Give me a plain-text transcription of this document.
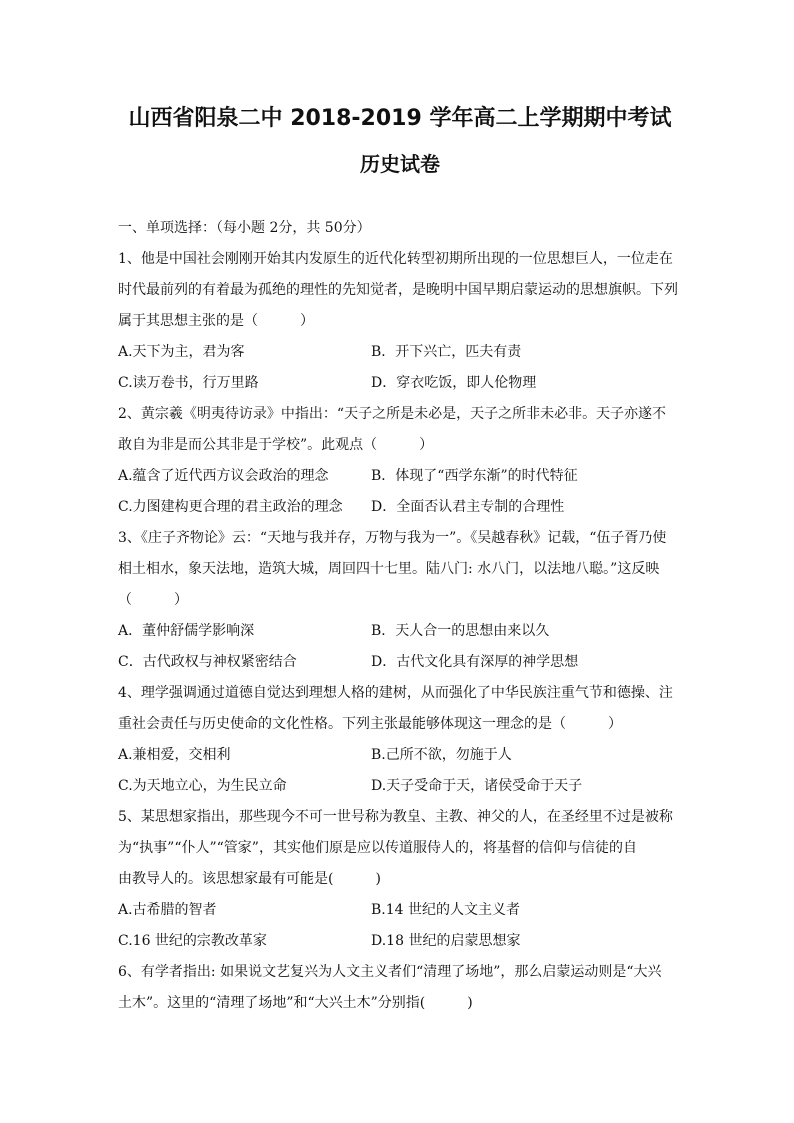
山西省阳泉二中 2018-2019 学年高二上学期期中考试
历史试卷
一、单项选择：（每小题 2分，共 50分）
1、他是中国社会刚刚开始其内发原生的近代化转型初期所出现的一位思想巨人，一位走在
时代最前列的有着最为孤绝的理性的先知觉者，是晚明中国早期启蒙运动的思想旗帜。下列
属于其思想主张的是（　　　）
A.天下为主，君为客	B．开下兴亡，匹夫有责
C.读万卷书，行万里路	D．穿衣吃饭，即人伦物理
2、黄宗羲《明夷待访录》中指出：“天子之所是未必是，天子之所非未必非。天子亦遂不
敢自为非是而公其非是于学校”。此观点（　　　）
A.蕴含了近代西方议会政治的理念	B．体现了“西学东渐”的时代特征
C.力图建构更合理的君主政治的理念	D．全面否认君主专制的合理性
3、《庄子齐物论》云：“天地与我并存，万物与我为一”。《吴越春秋》记载，“伍子胥乃使
相土相水，象天法地，造筑大城，周回四十七里。陆八门: 水八门，以法地八聪。”这反映
（　　　）
A．董仲舒儒学影响深	B．天人合一的思想由来以久
C．古代政权与神权紧密结合	D．古代文化具有深厚的神学思想
4、理学强调通过道德自觉达到理想人格的建树，从而强化了中华民族注重气节和德操、注
重社会责任与历史使命的文化性格。下列主张最能够体现这一理念的是（　　　）
A.兼相爱，交相利	B.己所不欲，勿施于人
C.为天地立心，为生民立命	D.天子受命于天，诸侯受命于天子
5、某思想家指出，那些现今不可一世号称为教皇、主教、神父的人，在圣经里不过是被称
为“执事”“仆人”“管家”，其实他们原是应以传道服侍人的，将基督的信仰与信徒的自
由教导人的。该思想家最有可能是(　　　)
A.古希腊的智者	B.14 世纪的人文主义者
C.16 世纪的宗教改革家	D.18 世纪的启蒙思想家
6、有学者指出: 如果说文艺复兴为人文主义者们“清理了场地”，那么启蒙运动则是“大兴
土木”。这里的“清理了场地”和“大兴土木”分别指(　　　)
